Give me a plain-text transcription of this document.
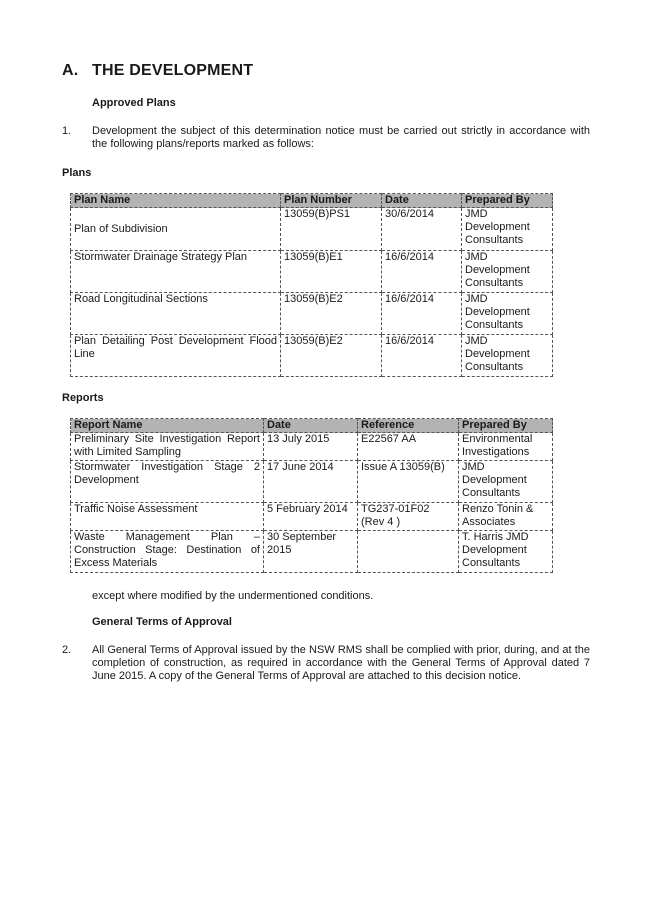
A. THE DEVELOPMENT
Approved Plans
1. Development the subject of this determination notice must be carried out strictly in accordance with the following plans/reports marked as follows:
Plans
Plan Name	Plan Number	Date	Prepared By

Plan of Subdivision	13059(B)PS1	30/6/2014	JMD Development Consultants
Stormwater Drainage Strategy Plan	13059(B)E1	16/6/2014	JMD Development Consultants
Road Longitudinal Sections	13059(B)E2	16/6/2014	JMD Development Consultants
Plan Detailing Post Development Flood Line	13059(B)E2	16/6/2014	JMD Development Consultants
Reports
Report Name	Date	Reference	Prepared By
Preliminary Site Investigation Report with Limited Sampling	13 July 2015	E22567 AA	Environmental Investigations
Stormwater Investigation Stage 2 Development	17 June 2014	Issue A 13059(B)	JMD Development Consultants
Traffic Noise Assessment	5 February 2014	TG237-01F02 (Rev 4 )	Renzo Tonin & Associates
Waste Management Plan – Construction Stage: Destination of Excess Materials	30 September 2015		T. Harris JMD Development Consultants
except where modified by the undermentioned conditions.
General Terms of Approval
2. All General Terms of Approval issued by the NSW RMS shall be complied with prior, during, and at the completion of construction, as required in accordance with the General Terms of Approval dated 7 June 2015. A copy of the General Terms of Approval are attached to this decision notice.
